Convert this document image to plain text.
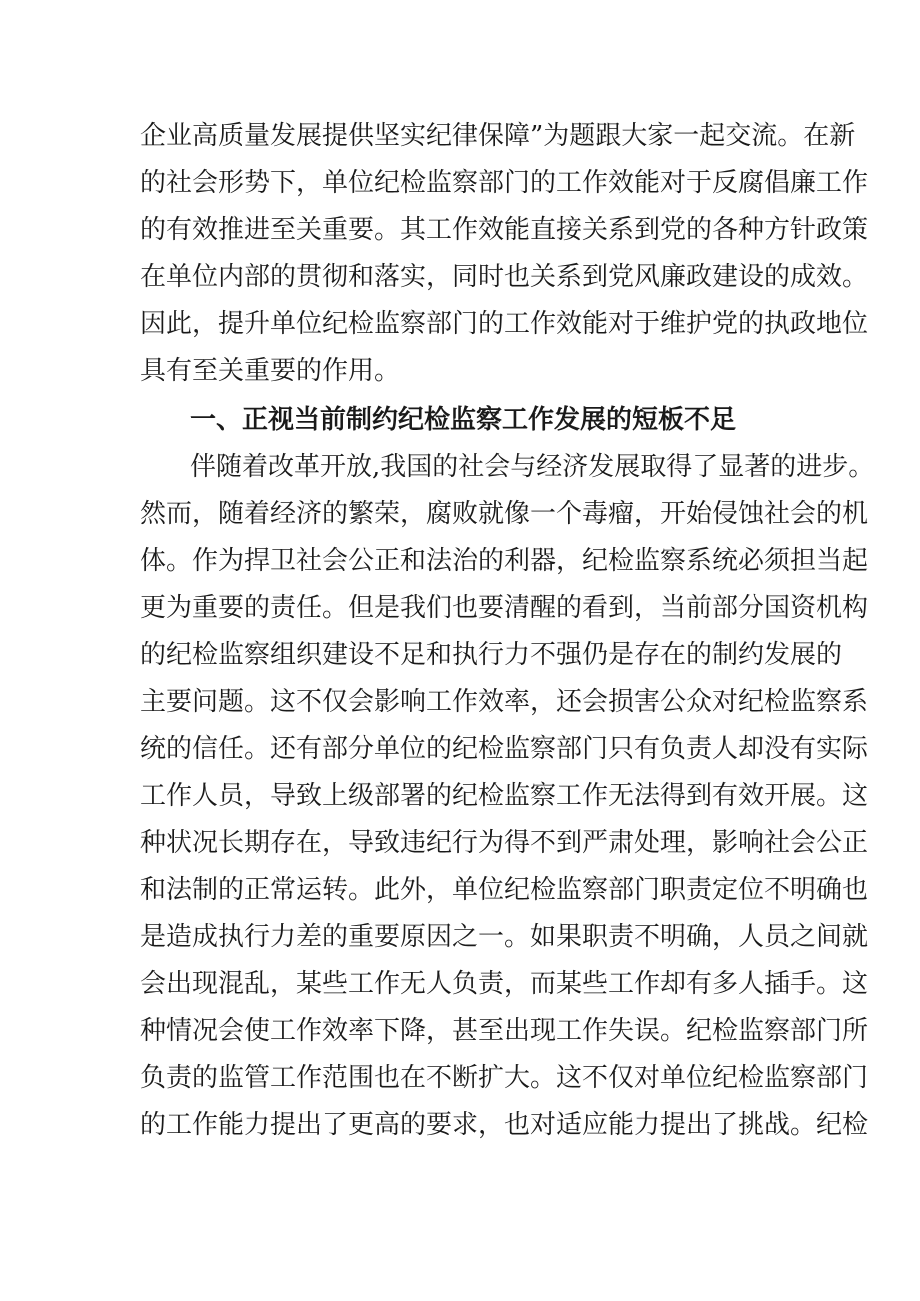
企业高质量发展提供坚实纪律保障”为题跟大家一起交流。在新
的社会形势下，单位纪检监察部门的工作效能对于反腐倡廉工作
的有效推进至关重要。其工作效能直接关系到党的各种方针政策
在单位内部的贯彻和落实，同时也关系到党风廉政建设的成效。
因此，提升单位纪检监察部门的工作效能对于维护党的执政地位
具有至关重要的作用。
一、正视当前制约纪检监察工作发展的短板不足
伴随着改革开放,我国的社会与经济发展取得了显著的进步。
然而，随着经济的繁荣，腐败就像一个毒瘤，开始侵蚀社会的机
体。作为捍卫社会公正和法治的利器，纪检监察系统必须担当起
更为重要的责任。但是我们也要清醒的看到，当前部分国资机构
的纪检监察组织建设不足和执行力不强仍是存在的制约发展的
主要问题。这不仅会影响工作效率，还会损害公众对纪检监察系
统的信任。还有部分单位的纪检监察部门只有负责人却没有实际
工作人员，导致上级部署的纪检监察工作无法得到有效开展。这
种状况长期存在，导致违纪行为得不到严肃处理，影响社会公正
和法制的正常运转。此外，单位纪检监察部门职责定位不明确也
是造成执行力差的重要原因之一。如果职责不明确，人员之间就
会出现混乱，某些工作无人负责，而某些工作却有多人插手。这
种情况会使工作效率下降，甚至出现工作失误。纪检监察部门所
负责的监管工作范围也在不断扩大。这不仅对单位纪检监察部门
的工作能力提出了更高的要求，也对适应能力提出了挑战。纪检
